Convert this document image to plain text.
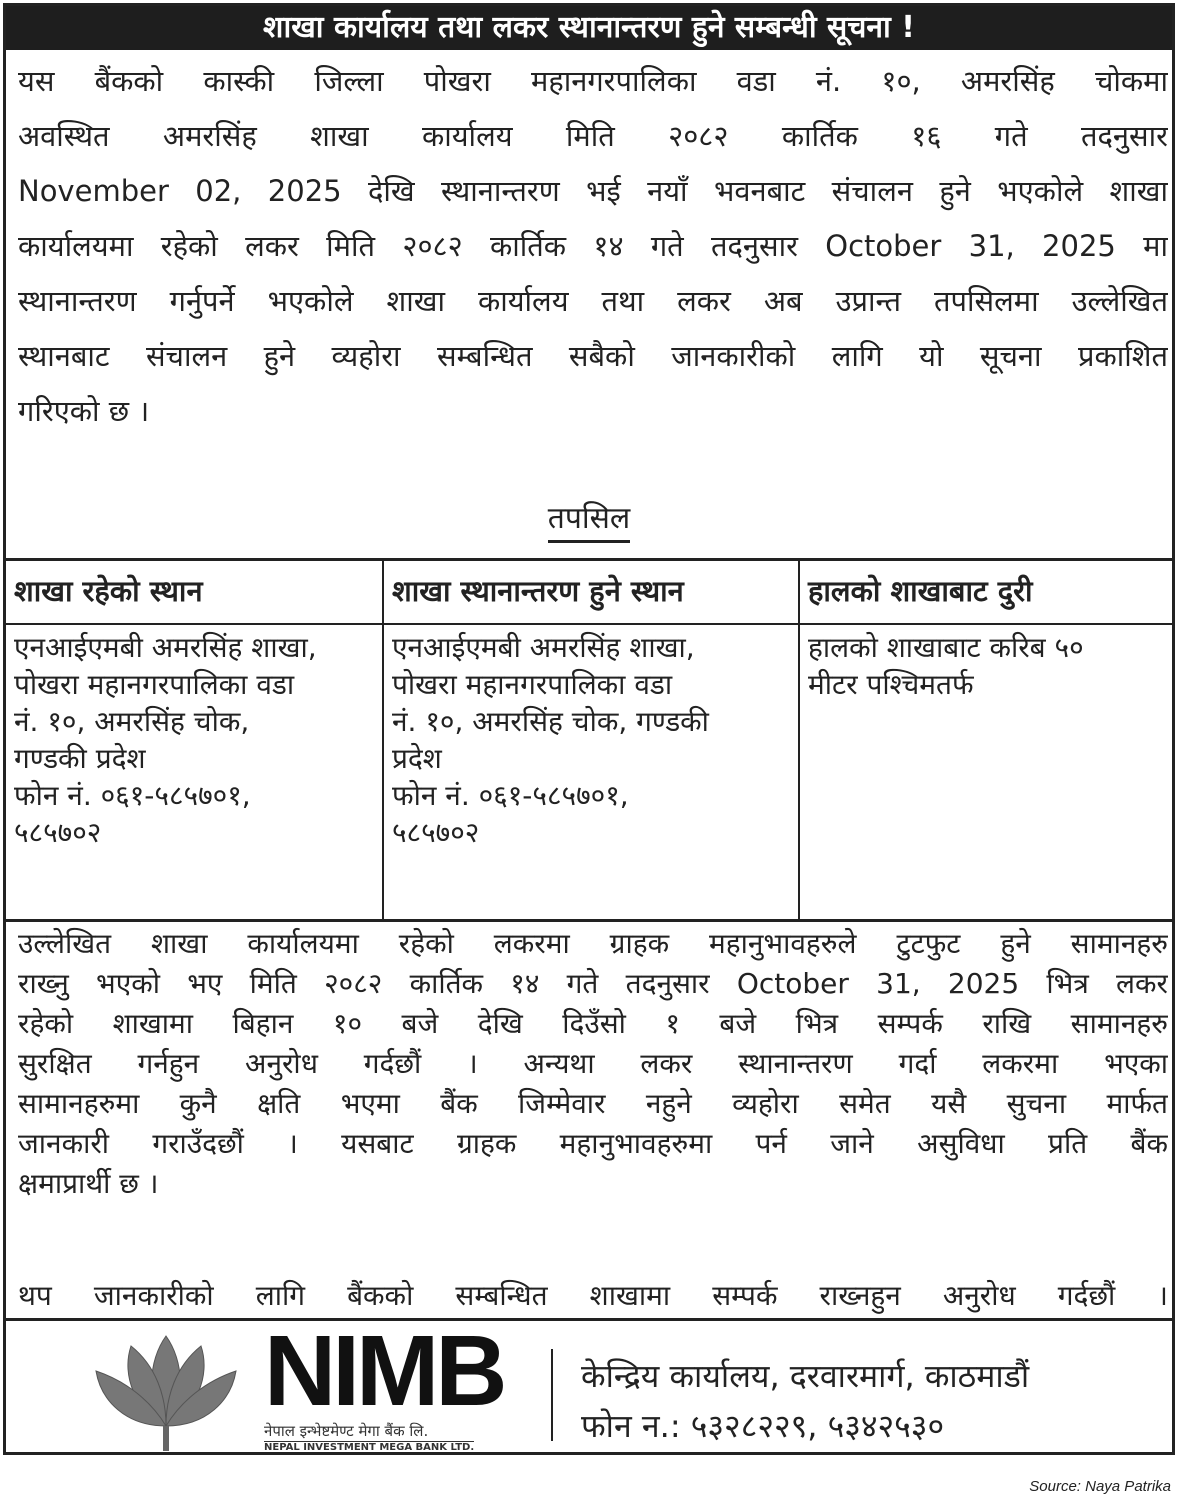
शाखा कार्यालय तथा लकर स्थानान्तरण हुने सम्बन्धी सूचना !
यस बैंकको कास्की जिल्ला पोखरा महानगरपालिका वडा नं. १०, अमरसिंह चोकमा
अवस्थित अमरसिंह शाखा कार्यालय मिति २०८२ कार्तिक १६ गते तदनुसार
November 02, 2025 देखि स्थानान्तरण भई नयाँ भवनबाट संचालन हुने भएकोले शाखा
कार्यालयमा रहेको लकर मिति २०८२ कार्तिक १४ गते तदनुसार October 31, 2025 मा
स्थानान्तरण गर्नुपर्ने भएकोले शाखा कार्यालय तथा लकर अब उप्रान्त तपसिलमा उल्लेखित
स्थानबाट संचालन हुने व्यहोरा सम्बन्धित सबैको जानकारीको लागि यो सूचना प्रकाशित
गरिएको छ ।
तपसिल
शाखा रहेको स्थान	शाखा स्थानान्तरण हुने स्थान	हालको शाखाबाट दुरी
एनआईएमबी अमरसिंह शाखा,
पोखरा महानगरपालिका वडा
नं. १०, अमरसिंह चोक,
गण्डकी प्रदेश
फोन नं. ०६१-५८५७०१,
५८५७०२
एनआईएमबी अमरसिंह शाखा,
पोखरा महानगरपालिका वडा
नं. १०, अमरसिंह चोक, गण्डकी
प्रदेश
फोन नं. ०६१-५८५७०१,
५८५७०२
हालको शाखाबाट करिब ५०
मीटर पश्चिमतर्फ
उल्लेखित शाखा कार्यालयमा रहेको लकरमा ग्राहक महानुभावहरुले टुटफुट हुने सामानहरु
राख्नु भएको भए मिति २०८२ कार्तिक १४ गते तदनुसार October 31, 2025 भित्र लकर
रहेको शाखामा बिहान १० बजे देखि दिउँसो १ बजे भित्र सम्पर्क राखि सामानहरु
सुरक्षित गर्नहुन अनुरोध गर्दछौं । अन्यथा लकर स्थानान्तरण गर्दा लकरमा भएका
सामानहरुमा कुनै क्षति भएमा बैंक जिम्मेवार नहुने व्यहोरा समेत यसै सुचना मार्फत
जानकारी गराउँदछौं । यसबाट ग्राहक महानुभावहरुमा पर्न जाने असुविधा प्रति बैंक
क्षमाप्रार्थी छ ।
थप जानकारीको लागि बैंकको सम्बन्धित शाखामा सम्पर्क राख्नहुन अनुरोध गर्दछौं ।
NIMB
नेपाल इन्भेष्टमेण्ट मेगा बैंक लि.
NEPAL INVESTMENT MEGA BANK LTD.
केन्द्रिय कार्यालय, दरवारमार्ग, काठमाडौं
फोन न.: ५३२८२२९, ५३४२५३०
Source: Naya Patrika
